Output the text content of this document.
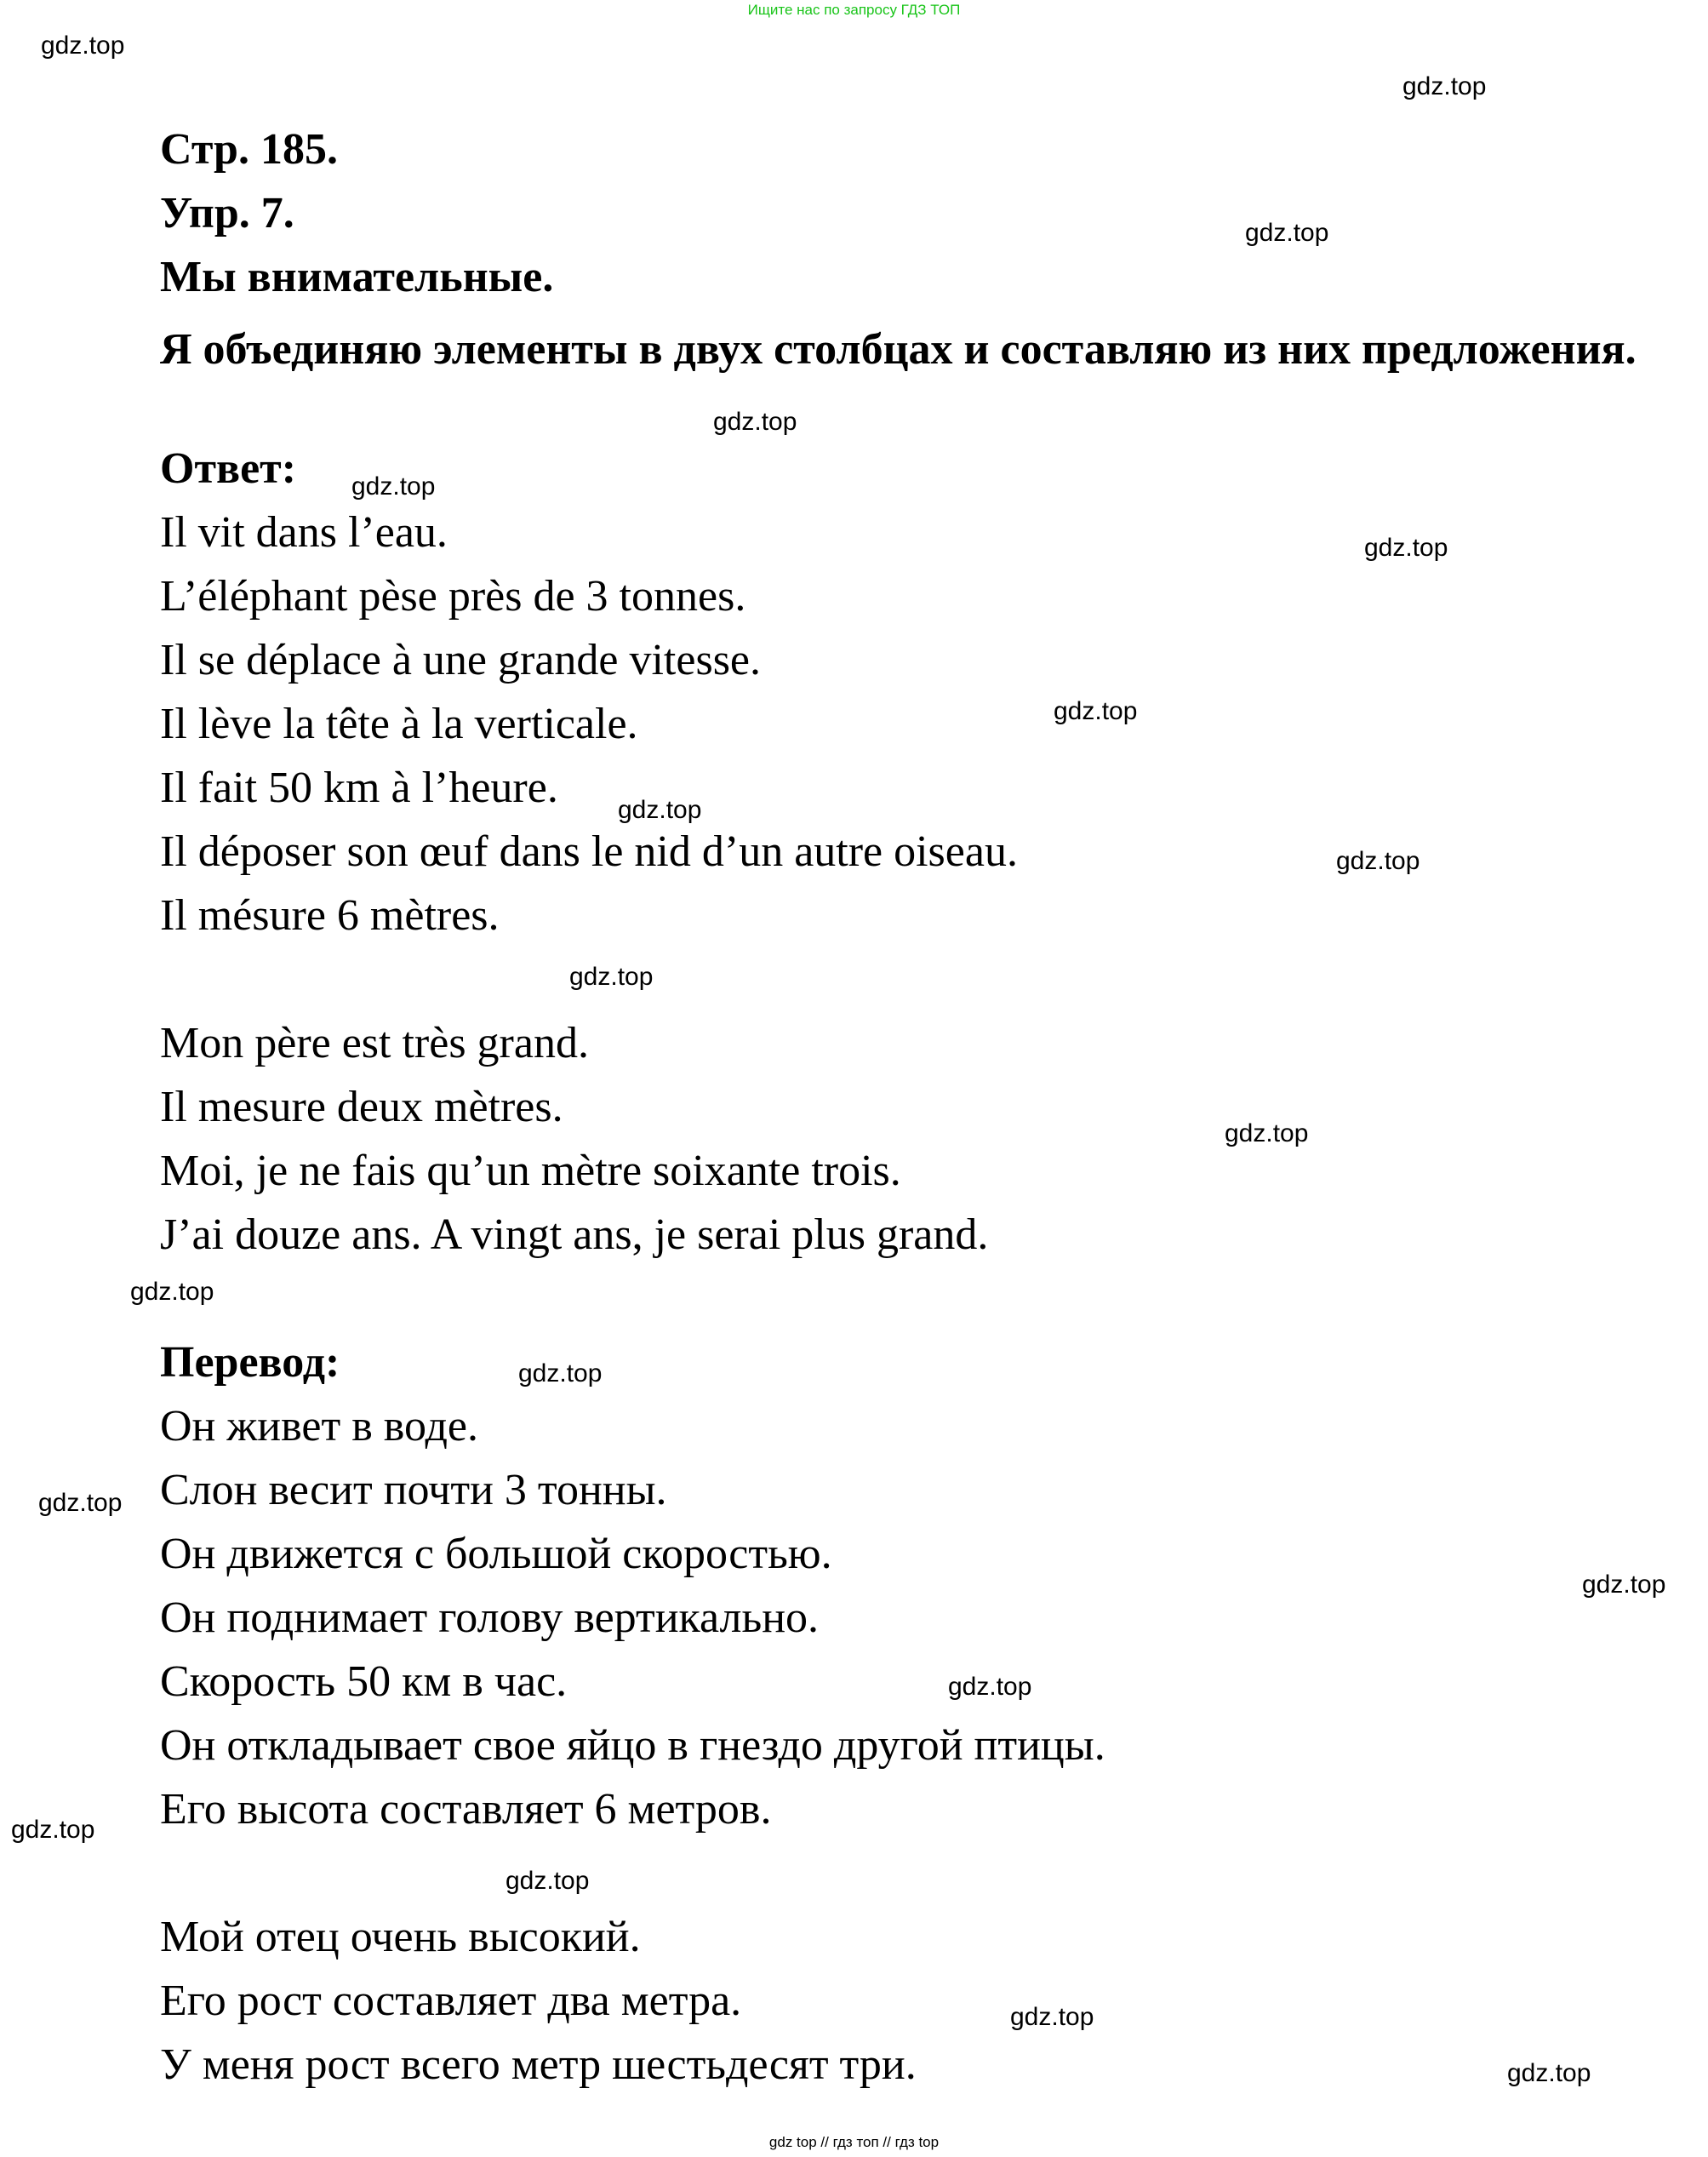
Ищите нас по запросу ГДЗ ТОП
gdz top // гдз топ // гдз top
Стр. 185.
Упр. 7.
Мы внимательные.

Я объединяю элементы в двух столбцах и составляю из них предложения.

Ответ:
Il vit dans l’eau.
L’éléphant pèse près de 3 tonnes.
Il se déplace à une grande vitesse.
Il lève la tête à la verticale.
Il fait 50 km à l’heure.
Il déposer son œuf dans le nid d’un autre oiseau.
Il mésure 6 mètres.
Mon père est très grand.
Il mesure deux mètres.
Moi, je ne fais qu’un mètre soixante trois.
J’ai douze ans. A vingt ans, je serai plus grand.
Перевод:
Он живет в воде.
Слон весит почти 3 тонны.
Он движется с большой скоростью.
Он поднимает голову вертикально.
Скорость 50 км в час.
Он откладывает свое яйцо в гнездо другой птицы.
Его высота составляет 6 метров.
Мой отец очень высокий.
Его рост составляет два метра.
У меня рост всего метр шестьдесят три.
gdz.top
gdz.top
gdz.top
gdz.top
gdz.top
gdz.top
gdz.top
gdz.top
gdz.top
gdz.top
gdz.top
gdz.top
gdz.top
gdz.top
gdz.top
gdz.top
gdz.top
gdz.top
gdz.top
gdz.top
